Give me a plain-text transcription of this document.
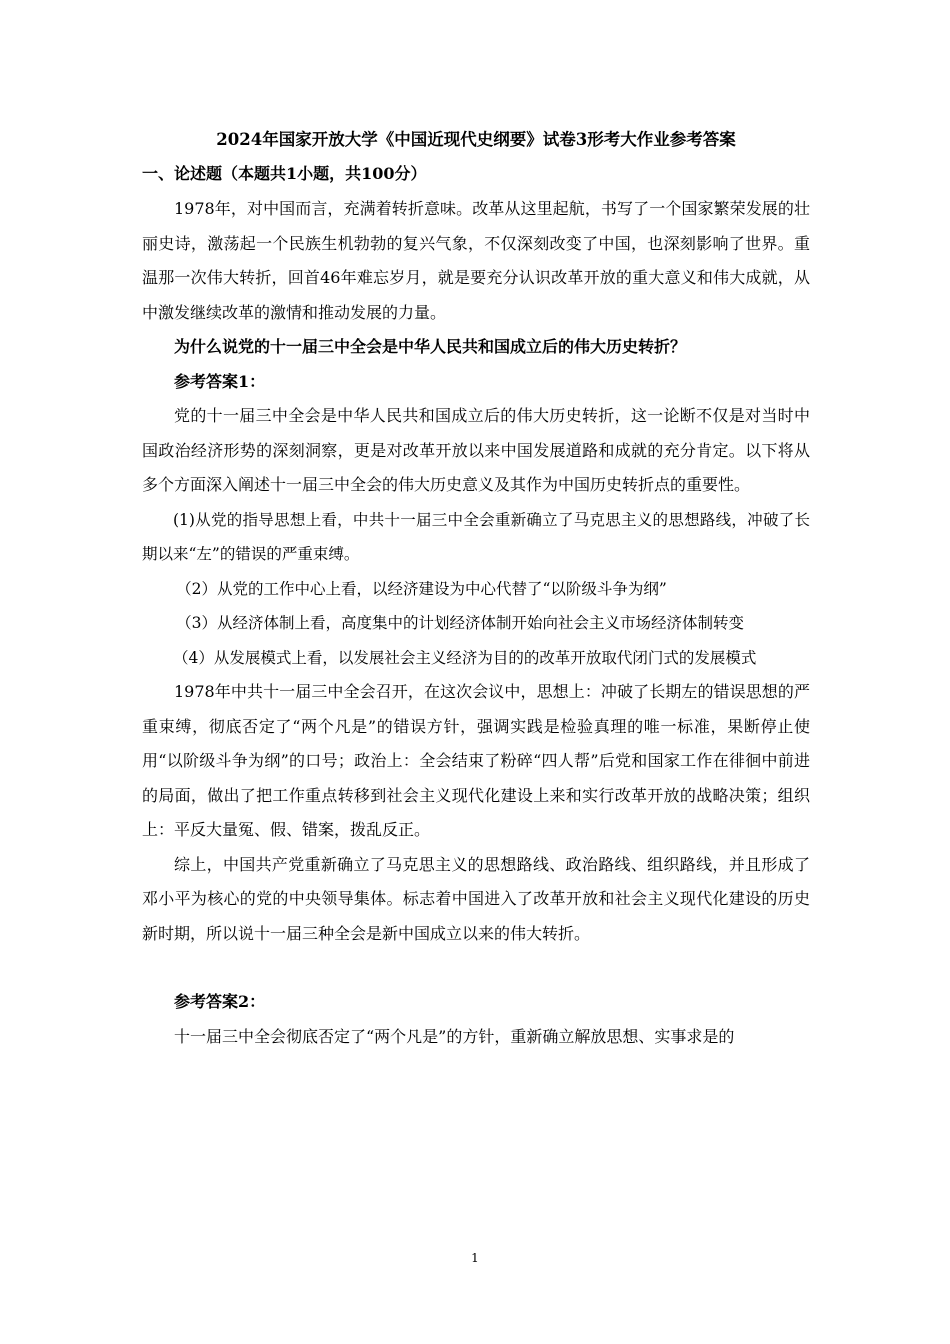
2024年国家开放大学《中国近现代史纲要》试卷3形考大作业参考答案
一、论述题（本题共1小题，共100分）

1978年，对中国而言，充满着转折意味。改革从这里起航，书写了一个国家繁荣发展的壮丽史诗，激荡起一个民族生机勃勃的复兴气象，不仅深刻改变了中国，也深刻影响了世界。重温那一次伟大转折，回首46年难忘岁月，就是要充分认识改革开放的重大意义和伟大成就，从中激发继续改革的激情和推动发展的力量。

为什么说党的十一届三中全会是中华人民共和国成立后的伟大历史转折？

参考答案1：

党的十一届三中全会是中华人民共和国成立后的伟大历史转折，这一论断不仅是对当时中国政治经济形势的深刻洞察，更是对改革开放以来中国发展道路和成就的充分肯定。以下将从多个方面深入阐述十一届三中全会的伟大历史意义及其作为中国历史转折点的重要性。

(1)从党的指导思想上看，中共十一届三中全会重新确立了马克思主义的思想路线，冲破了长期以来“左”的错误的严重束缚。

（2）从党的工作中心上看，以经济建设为中心代替了“以阶级斗争为纲”

（3）从经济体制上看，高度集中的计划经济体制开始向社会主义市场经济体制转变

（4）从发展模式上看，以发展社会主义经济为目的的改革开放取代闭门式的发展模式

1978年中共十一届三中全会召开，在这次会议中，思想上：冲破了长期左的错误思想的严重束缚，彻底否定了“两个凡是”的错误方针，强调实践是检验真理的唯一标准，果断停止使用“以阶级斗争为纲”的口号；政治上：全会结束了粉碎“四人帮”后党和国家工作在徘徊中前进的局面，做出了把工作重点转移到社会主义现代化建设上来和实行改革开放的战略决策；组织上：平反大量冤、假、错案，拨乱反正。

综上，中国共产党重新确立了马克思主义的思想路线、政治路线、组织路线，并且形成了邓小平为核心的党的中央领导集体。标志着中国进入了改革开放和社会主义现代化建设的历史新时期，所以说十一届三种全会是新中国成立以来的伟大转折。

参考答案2：

十一届三中全会彻底否定了“两个凡是”的方针，重新确立解放思想、实事求是的

1
